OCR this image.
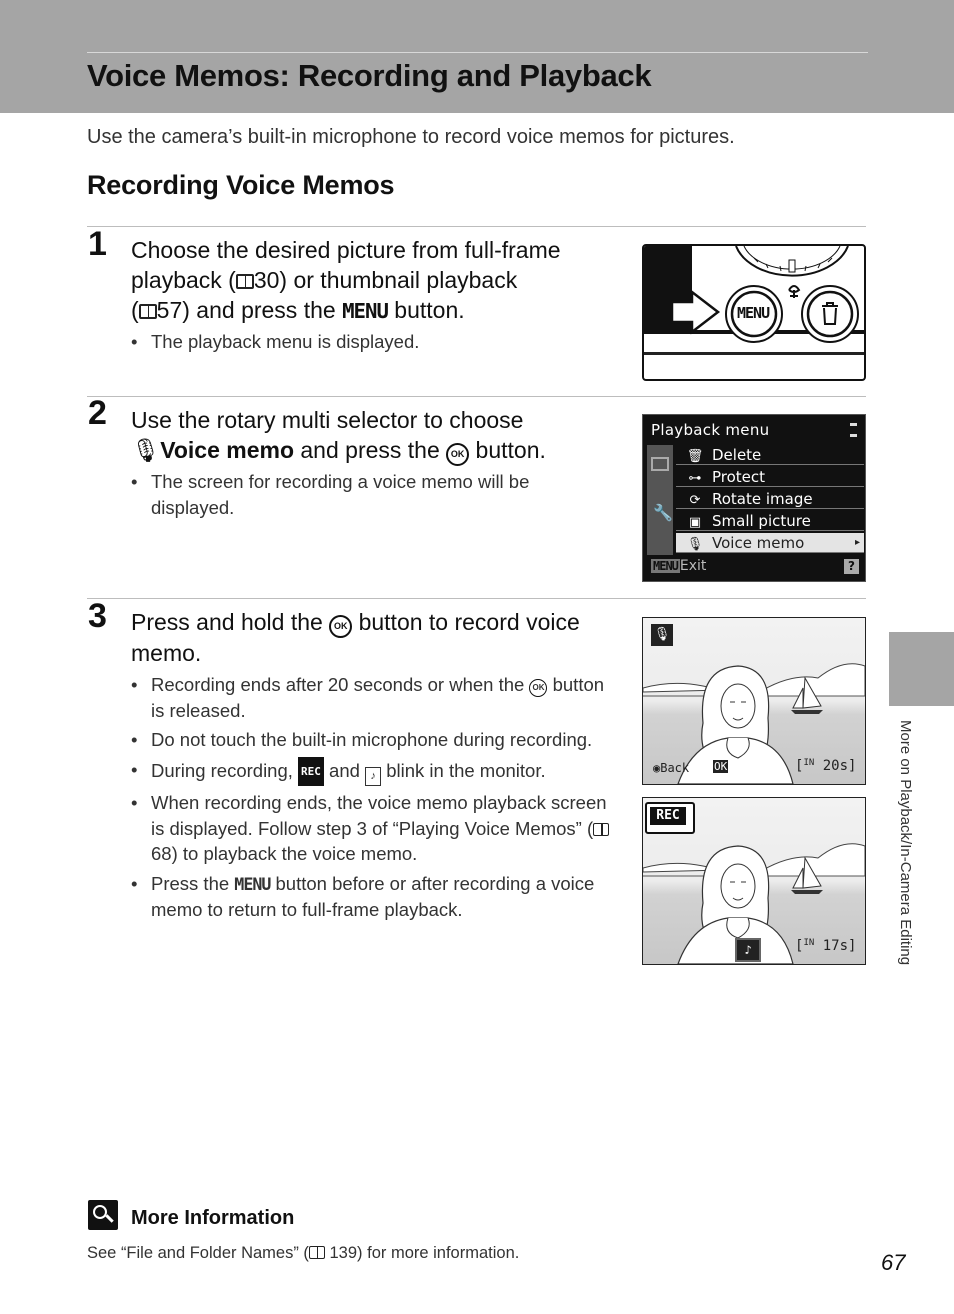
Voice Memos: Recording and Playback

Use the camera’s built-in microphone to record voice memos for pictures.

Recording Voice Memos
1 Choose the desired picture from full-frame
playback ( 30) or thumbnail playback
( 57) and press the MENU button.

• The playback menu is displayed.
MENU
2 Use the rotary multi selector to choose
🎙Voice memo and press the OK button.

• The screen for recording a voice memo will be displayed.
Playback menu
🔧
🗑 Delete
⊶ Protect
⟳ Rotate image
▣ Small picture
🎙 Voice memo	▸
MENU Exit	?
3 Press and hold the OK button to record voice memo.

• Recording ends after 20 seconds or when the OK button is released.
• Do not touch the built-in microphone during recording.
• During recording, REC and ♪ blink in the monitor.
• When recording ends, the voice memo playback screen is displayed. Follow step 3 of “Playing Voice Memos” ( 68) to playback the voice memo.
• Press the MENU button before or after recording a voice memo to return to full-frame playback.
🎙
◉Back OK	[$^{IN}$ 20s]
REC
♪	[$^{IN}$ 17s]	More on Playback/In-Camera Editing
More Information
See “File and Folder Names” ( 139) for more information.	67
